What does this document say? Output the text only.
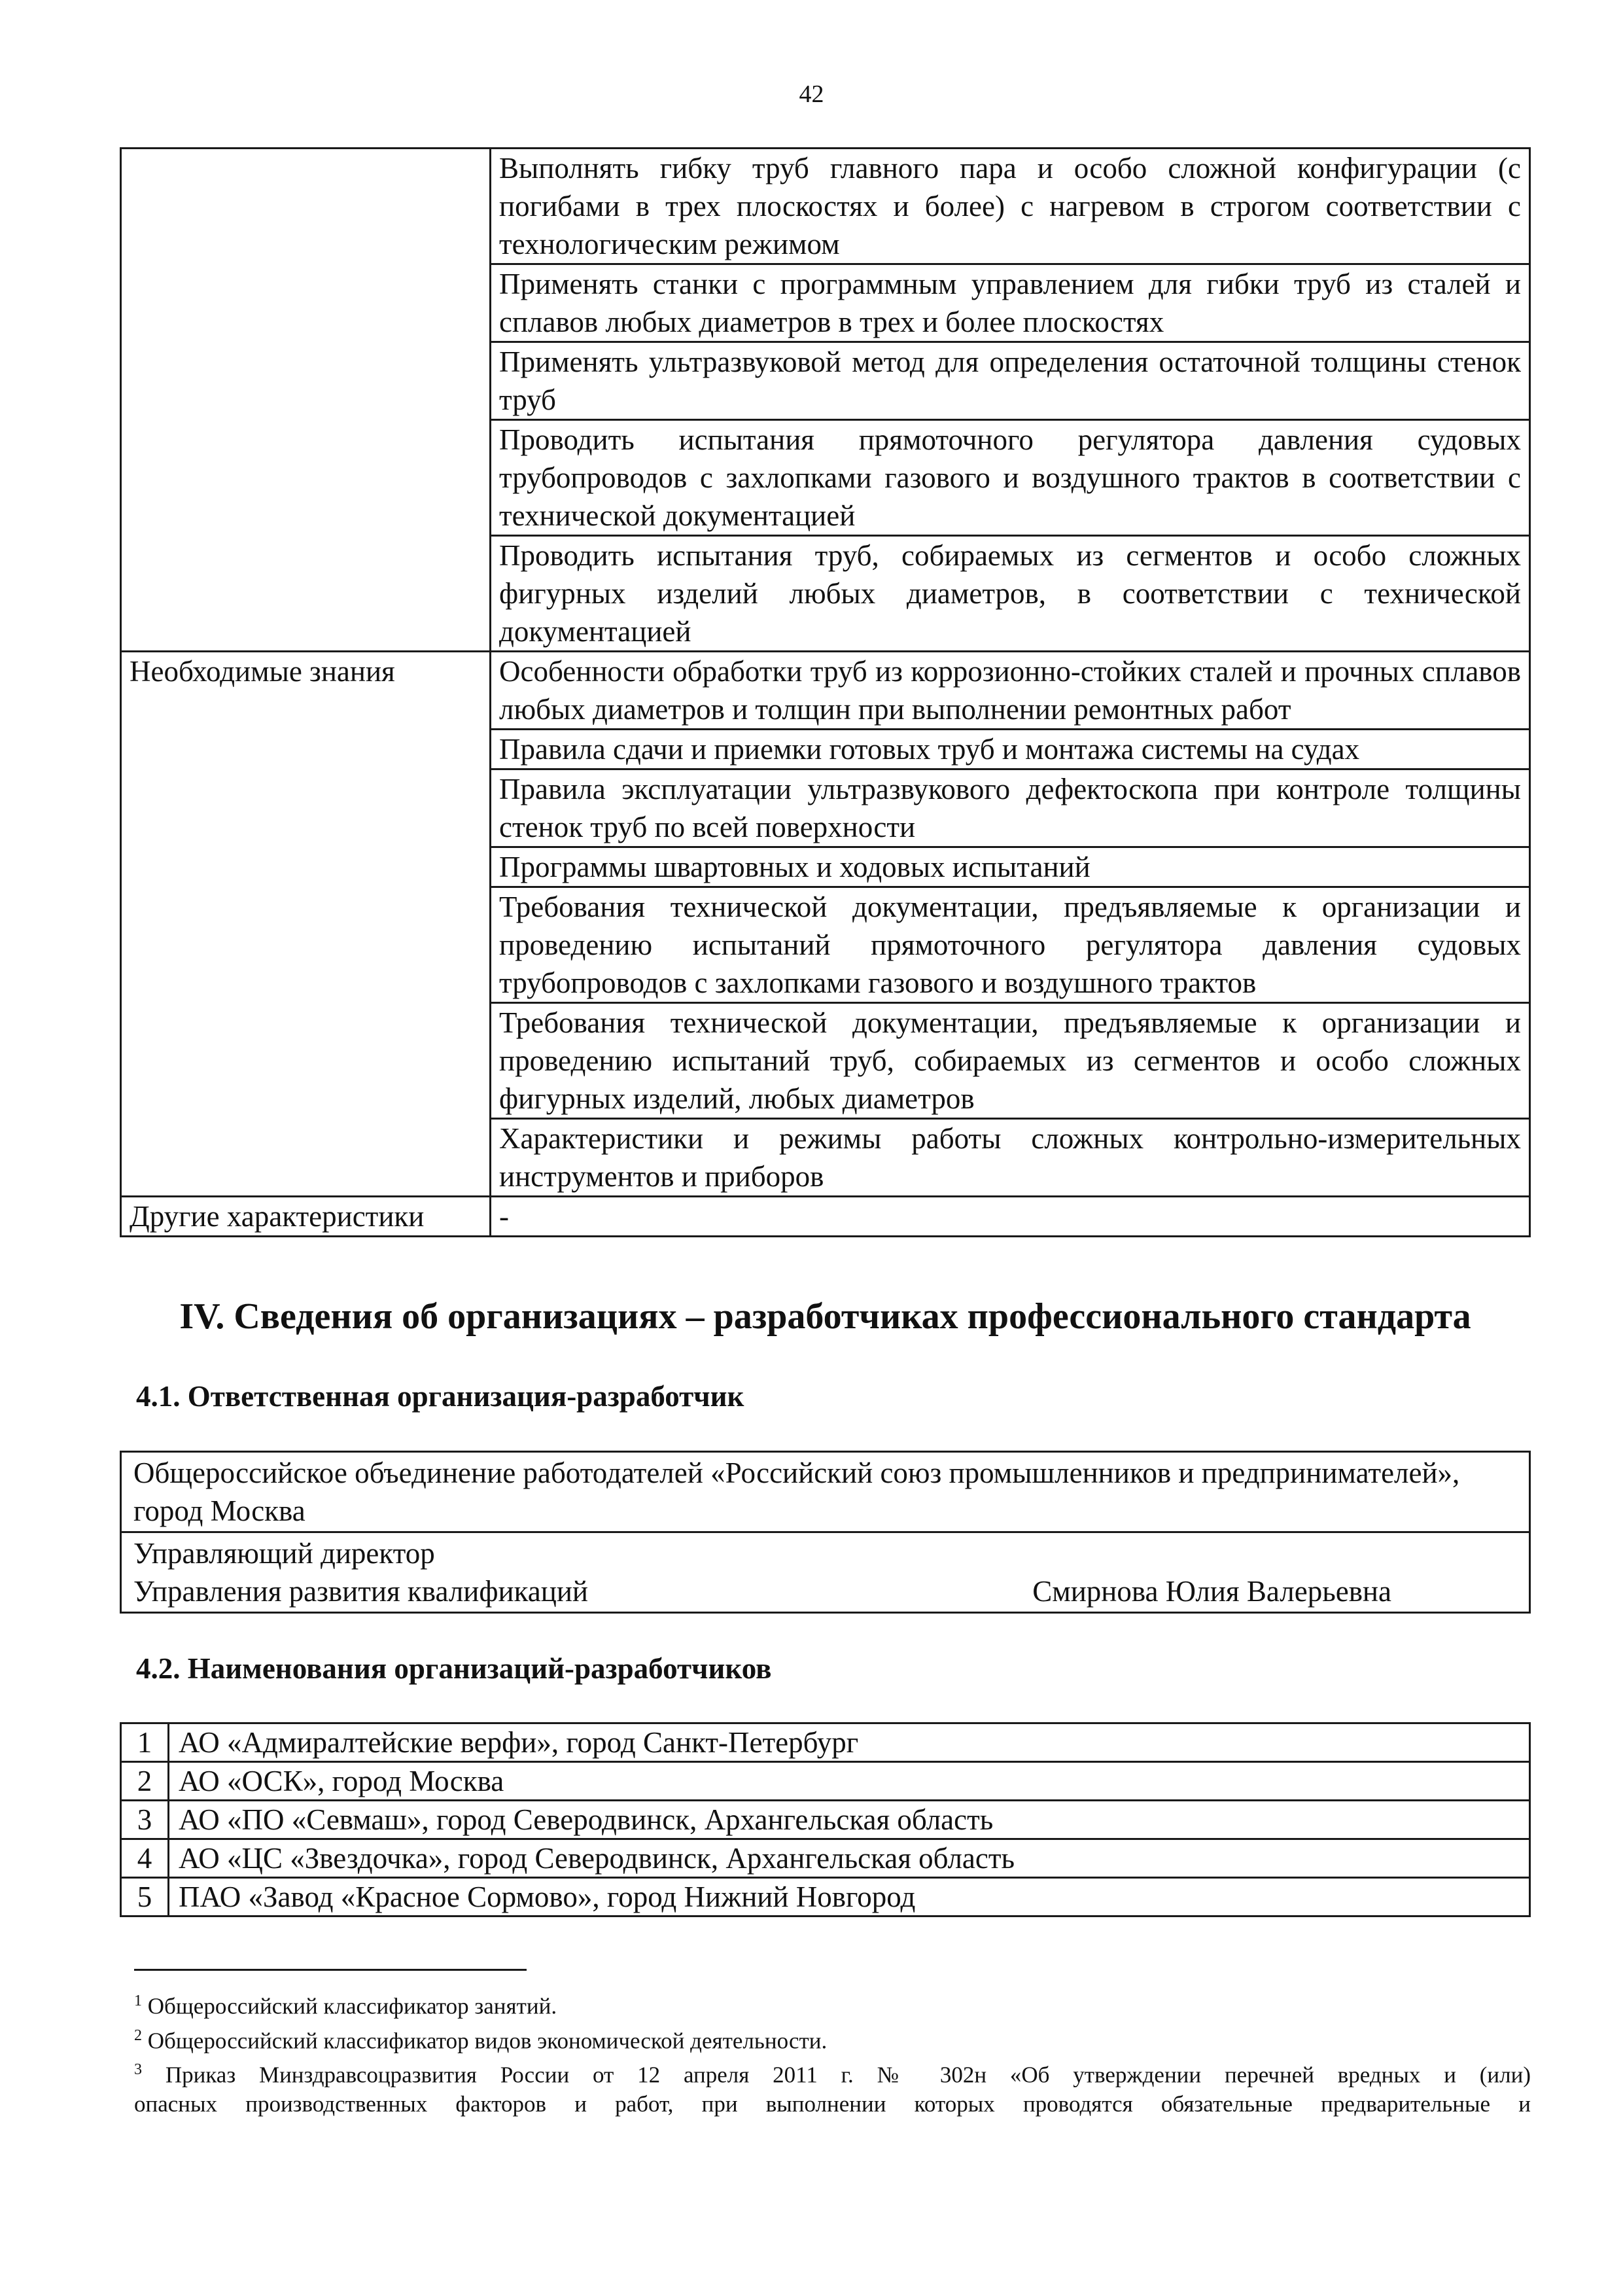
42
	Выполнять гибку труб главного пара и особо сложной конфигурации (с погибами в трех плоскостях и более) с нагревом в строгом соответствии с технологическим режимом
	Применять станки с программным управлением для гибки труб из сталей и сплавов любых диаметров в трех и более плоскостях
	Применять ультразвуковой метод для определения остаточной толщины стенок труб
	Проводить испытания прямоточного регулятора давления судовых трубопроводов с захлопками газового и воздушного трактов в соответствии с технической документацией
	Проводить испытания труб, собираемых из сегментов и особо сложных фигурных изделий любых диаметров, в соответствии с технической документацией
Необходимые знания	Особенности обработки труб из коррозионно-стойких сталей и прочных сплавов любых диаметров и толщин при выполнении ремонтных работ
	Правила сдачи и приемки готовых труб и монтажа системы на судах
	Правила эксплуатации ультразвукового дефектоскопа при контроле толщины стенок труб по всей поверхности
	Программы швартовных и ходовых испытаний
	Требования технической документации, предъявляемые к организации и проведению испытаний прямоточного регулятора давления судовых трубопроводов с захлопками газового и воздушного трактов
	Требования технической документации, предъявляемые к организации и проведению испытаний труб, собираемых из сегментов и особо сложных фигурных изделий, любых диаметров
	Характеристики и режимы работы сложных контрольно-измерительных инструментов и приборов
Другие характеристики	-
IV. Сведения об организациях – разработчиках профессионального стандарта
4.1. Ответственная организация-разработчик
Общероссийское объединение работодателей «Российский союз промышленников и предпринимателей», город Москва

Управляющий директор
Управления развития квалификаций	Смирнова Юлия Валерьевна
4.2. Наименования организаций-разработчиков
1	АО «Адмиралтейские верфи», город Санкт-Петербург
2	АО «ОСК», город Москва
3	АО «ПО «Севмаш», город Северодвинск, Архангельская область
4	АО «ЦС «Звездочка», город Северодвинск, Архангельская область
5	ПАО «Завод «Красное Сормово», город Нижний Новгород

$^1$ Общероссийский классификатор занятий.

$^2$ Общероссийский классификатор видов экономической деятельности.

$^3$ Приказ Минздравсоцразвития России от 12 апреля 2011 г. № 302н «Об утверждении перечней вредных и (или)

опасных производственных факторов и работ, при выполнении которых проводятся обязательные предварительные и
